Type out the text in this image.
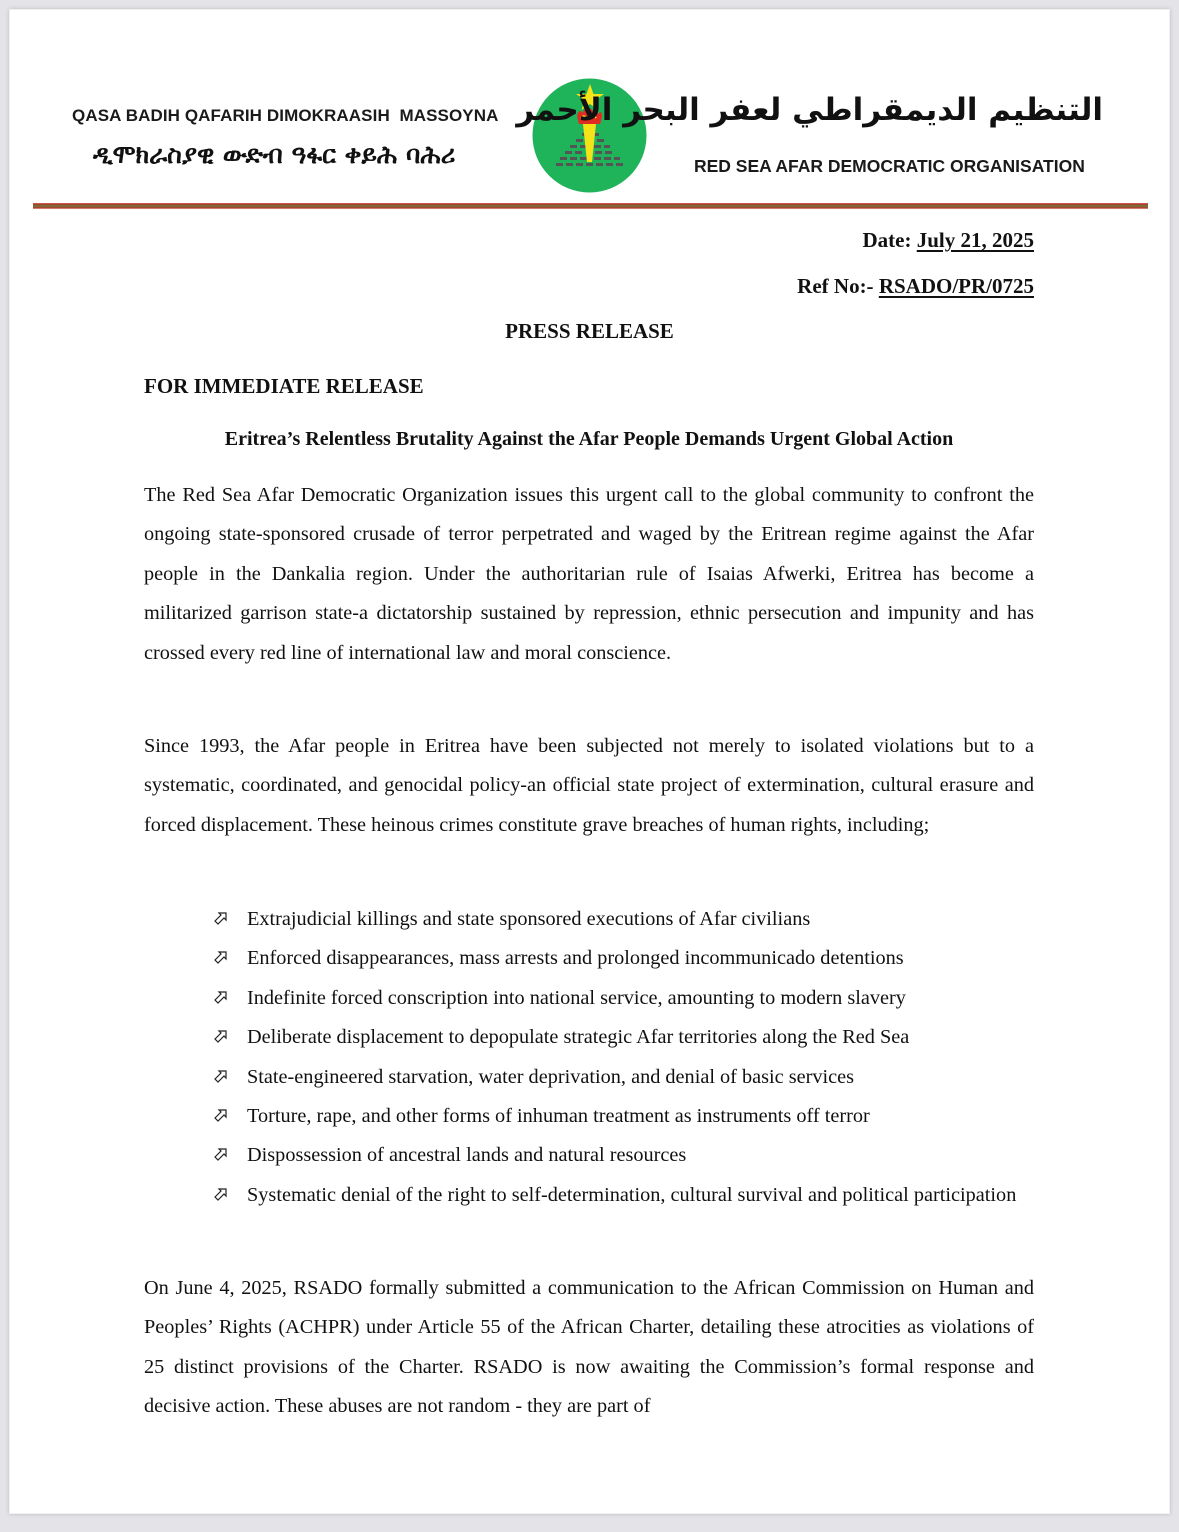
QASA BADIH QAFARIH DIMOKRAASIH  MASSOYNA
ዲሞክራስያዊ ውድብ ዓፋር ቀይሕ ባሕሪ
التنظيم الديمقراطي لعفر البحر الأحمر
RED SEA AFAR DEMOCRATIC ORGANISATION
Date: July 21, 2025
Ref No:- RSADO/PR/0725
PRESS RELEASE
FOR IMMEDIATE RELEASE
Eritrea’s Relentless Brutality Against the Afar People Demands Urgent Global Action

The Red Sea Afar Democratic Organization issues this urgent call to the global community to confront the ongoing state-sponsored crusade of terror perpetrated and waged by the Eritrean regime against the Afar people in the Dankalia region. Under the authoritarian rule of Isaias Afwerki, Eritrea has become a militarized garrison state-a dictatorship sustained by repression, ethnic persecution and impunity and has crossed every red line of international law and moral conscience.

Since 1993, the Afar people in Eritrea have been subjected not merely to isolated violations but to a systematic, coordinated, and genocidal policy-an official state project of extermination, cultural erasure and forced displacement. These heinous crimes constitute grave breaches of human rights, including;

Extrajudicial killings and state sponsored executions of Afar civilians
Enforced disappearances, mass arrests and prolonged incommunicado detentions
Indefinite forced conscription into national service, amounting to modern slavery
Deliberate displacement to depopulate strategic Afar territories along the Red Sea
State-engineered starvation, water deprivation, and denial of basic services
Torture, rape, and other forms of inhuman treatment as instruments off terror
Dispossession of ancestral lands and natural resources
Systematic denial of the right to self-determination, cultural survival and political participation

On June 4, 2025, RSADO formally submitted a communication to the African Commission on Human and Peoples’ Rights (ACHPR) under Article 55 of the African Charter, detailing these atrocities as violations of 25 distinct provisions of the Charter. RSADO is now awaiting the Commission’s formal response and decisive action. These abuses are not random - they are part of
